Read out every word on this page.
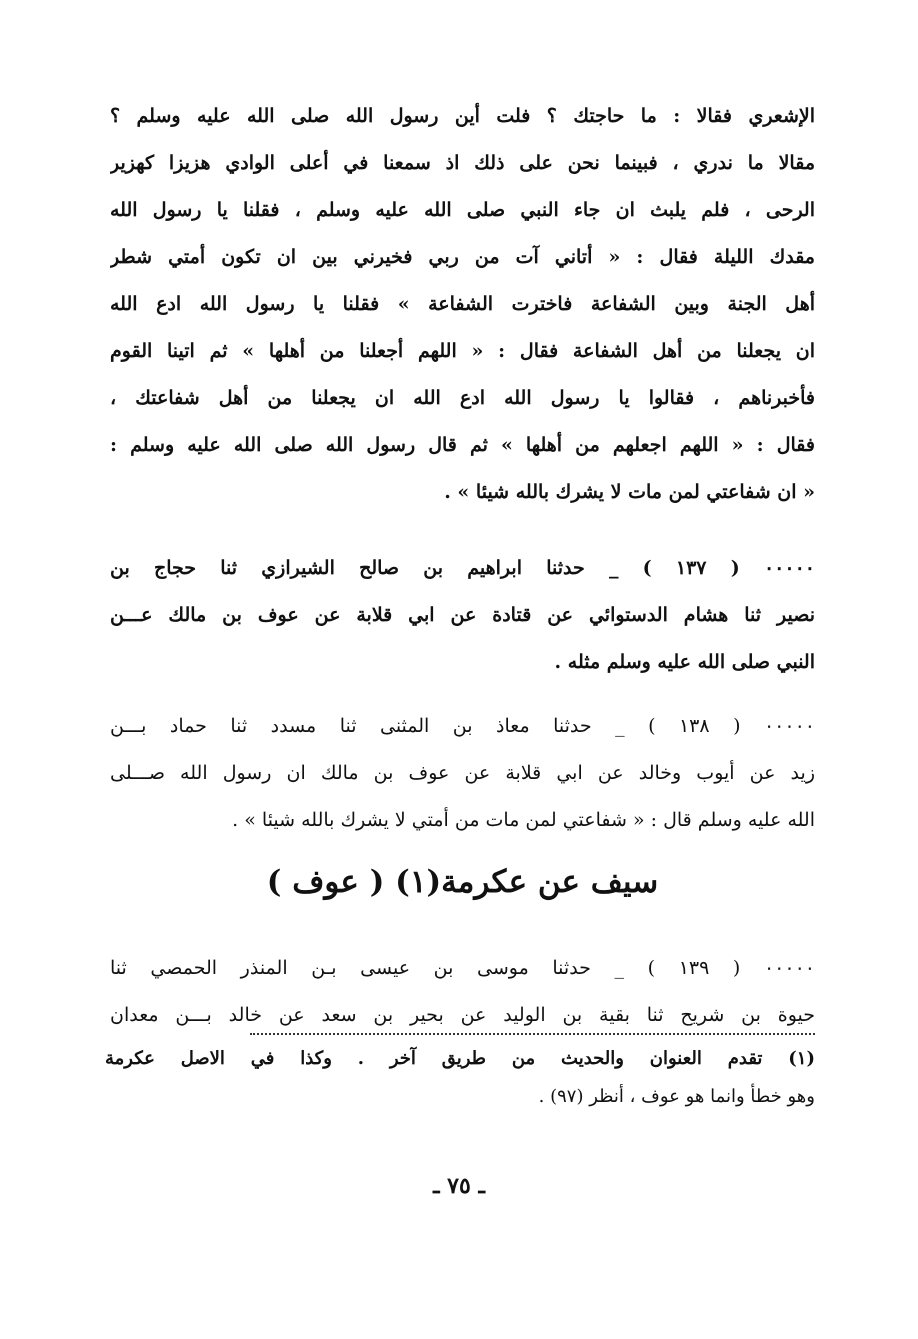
الإشعري فقالا : ما حاجتك ؟ فلت أين رسول الله صلى الله عليه وسلم ؟
مقالا ما ندري ، فبينما نحن على ذلك اذ سمعنا في أعلى الوادي هزيزا كهزير
الرحى ، فلم يلبث ان جاء النبي صلى الله عليه وسلم ، فقلنا يا رسول الله
مقدك الليلة فقال : « أتاني آت من ربي فخيرني بين ان تكون أمتي شطر
أهل الجنة وبين الشفاعة فاخترت الشفاعة » فقلنا يا رسول الله ادع الله
ان يجعلنا من أهل الشفاعة فقال : « اللهم أجعلنا من أهلها » ثم اتينا القوم
فأخبرناهم ، فقالوا يا رسول الله ادع الله ان يجعلنا من أهل شفاعتك ،
فقال : « اللهم اجعلهم من أهلها » ثم قال رسول الله صلى الله عليه وسلم :
« ان شفاعتي لمن مات لا يشرك بالله شيئا » .
٠٠٠٠٠ ( ١٣٧ ) _ حدثنا ابراهيم بن صالح الشيرازي ثنا حجاج بن
نصير ثنا هشام الدستوائي عن قتادة عن ابي قلابة عن عوف بن مالك عـــن
النبي صلى الله عليه وسلم مثله .
٠٠٠٠٠ ( ١٣٨ ) _ حدثنا معاذ بن المثنى ثنا مسدد ثنا حماد بـــن
زيد عن أيوب وخالد عن ابي قلابة عن عوف بن مالك ان رسول الله صـــلى
الله عليه وسلم قال : « شفاعتي لمن مات من أمتي لا يشرك بالله شيئا » .
سيف عن عكرمة(١) ( عوف )
٠٠٠٠٠ ( ١٣٩ ) _ حدثنا موسى بن عيسى بـن المنذر الحمصي ثنا
حيوة بن شريح ثنا بقية بن الوليد عن بحير بن سعد عن خالد بـــن معدان
(١) تقدم العنوان والحديث من طريق آخر . وكذا في الاصل عكرمة
وهو خطأ وانما هو عوف ، أنظر (٩٧) .
ـ ٧٥ ـ
